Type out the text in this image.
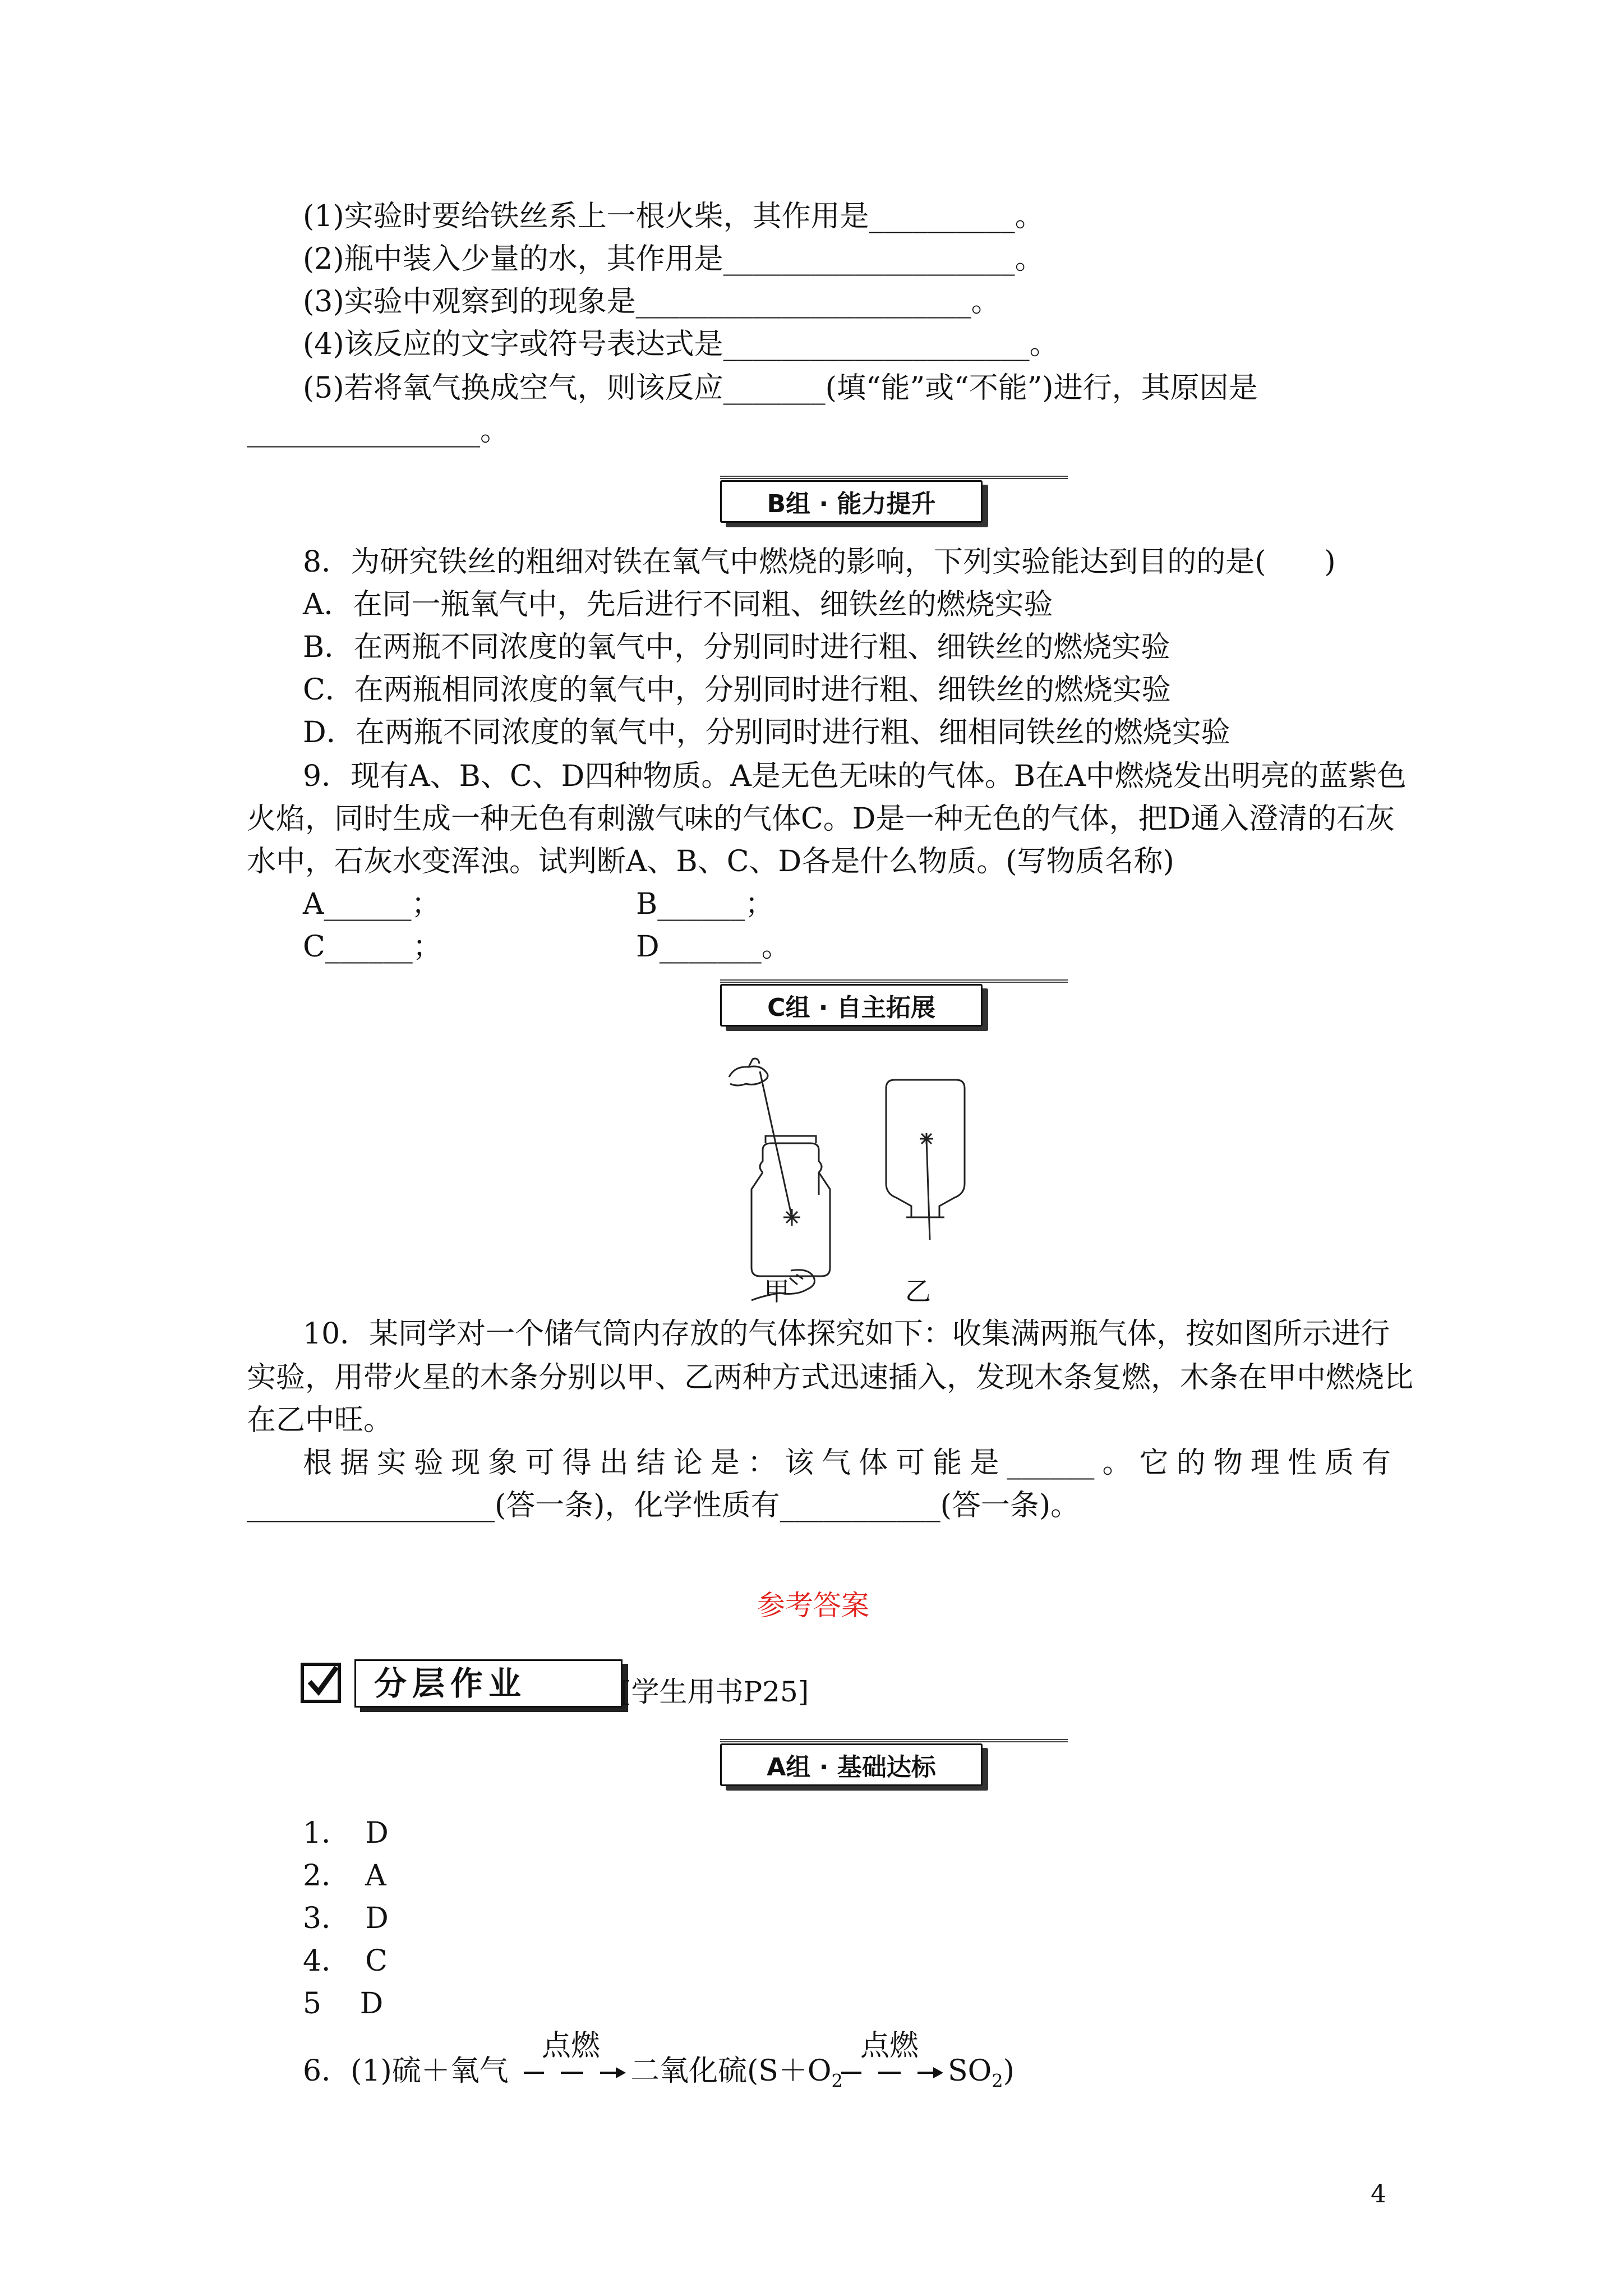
(1)实验时要给铁丝系上一根火柴，其作用是__________。
(2)瓶中装入少量的水，其作用是____________________。
(3)实验中观察到的现象是_______________________。
(4)该反应的文字或符号表达式是_____________________。
(5)若将氧气换成空气，则该反应_______(填“能”或“不能”)进行，其原因是
________________。
B组 · 能力提升
8．为研究铁丝的粗细对铁在氧气中燃烧的影响，下列实验能达到目的的是(　　)
A．在同一瓶氧气中，先后进行不同粗、细铁丝的燃烧实验
B．在两瓶不同浓度的氧气中，分别同时进行粗、细铁丝的燃烧实验
C．在两瓶相同浓度的氧气中，分别同时进行粗、细铁丝的燃烧实验
D．在两瓶不同浓度的氧气中，分别同时进行粗、细相同铁丝的燃烧实验
9．现有A、B、C、D四种物质。A是无色无味的气体。B在A中燃烧发出明亮的蓝紫色
火焰，同时生成一种无色有刺激气味的气体C。D是一种无色的气体，把D通入澄清的石灰
水中，石灰水变浑浊。试判断A、B、C、D各是什么物质。(写物质名称)
A______；	B______；
C______；	D_______。
C组 · 自主拓展
甲	乙
10．某同学对一个储气筒内存放的气体探究如下：收集满两瓶气体，按如图所示进行
实验，用带火星的木条分别以甲、乙两种方式迅速插入，发现木条复燃，木条在甲中燃烧比
在乙中旺。
根据实验现象可得出结论是：该气体可能是______。它的物理性质有
_________________(答一条)，化学性质有___________(答一条)。
参考答案
分层作业	[学生用书P25]
A组 · 基础达标
1．　D
2．　A
3．　D
4．　C
5　 D
6．(1)硫＋氧气
点燃
二氧化硫($S+O_2$
点燃
$SO_2$)
4
